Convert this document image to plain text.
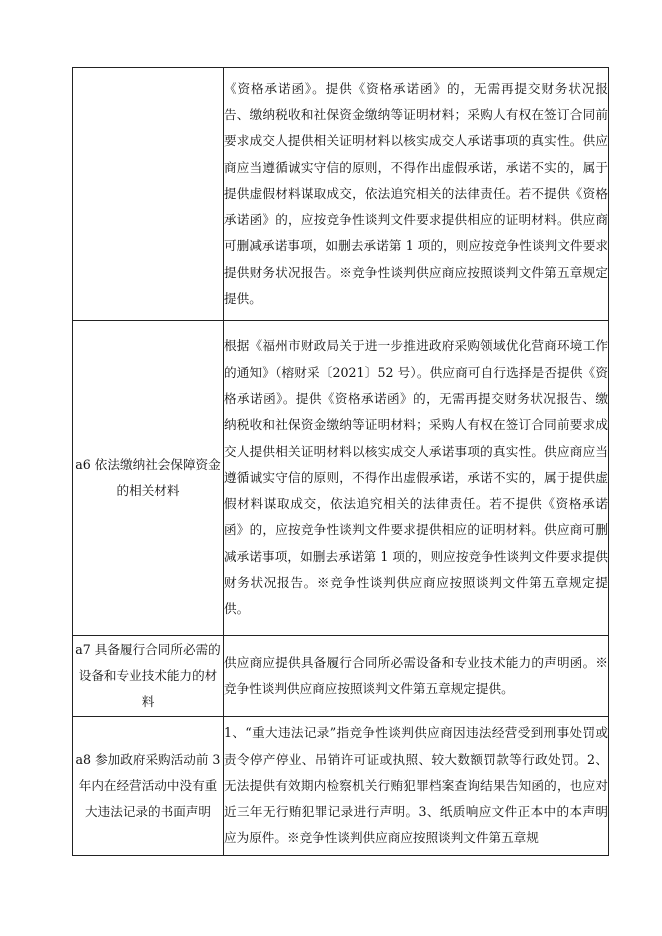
	《资格承诺函》。提供《资格承诺函》的，无需再提交财务状况报告、缴纳税收和社保资金缴纳等证明材料；采购人有权在签订合同前要求成交人提供相关证明材料以核实成交人承诺事项的真实性。供应商应当遵循诚实守信的原则，不得作出虚假承诺，承诺不实的，属于提供虚假材料谋取成交，依法追究相关的法律责任。若不提供《资格承诺函》的，应按竞争性谈判文件要求提供相应的证明材料。供应商可删减承诺事项，如删去承诺第 1 项的，则应按竞争性谈判文件要求提供财务状况报告。※竞争性谈判供应商应按照谈判文件第五章规定提供。
a6 依法缴纳社会保障资金的相关材料	根据《福州市财政局关于进一步推进政府采购领域优化营商环境工作的通知》（榕财采〔2021〕52 号）。供应商可自行选择是否提供《资格承诺函》。提供《资格承诺函》的，无需再提交财务状况报告、缴纳税收和社保资金缴纳等证明材料；采购人有权在签订合同前要求成交人提供相关证明材料以核实成交人承诺事项的真实性。供应商应当遵循诚实守信的原则，不得作出虚假承诺，承诺不实的，属于提供虚假材料谋取成交，依法追究相关的法律责任。若不提供《资格承诺函》的，应按竞争性谈判文件要求提供相应的证明材料。供应商可删减承诺事项，如删去承诺第 1 项的，则应按竞争性谈判文件要求提供财务状况报告。※竞争性谈判供应商应按照谈判文件第五章规定提供。
a7 具备履行合同所必需的设备和专业技术能力的材料	供应商应提供具备履行合同所必需设备和专业技术能力的声明函。※竞争性谈判供应商应按照谈判文件第五章规定提供。
a8 参加政府采购活动前 3 年内在经营活动中没有重大违法记录的书面声明	1、“重大违法记录”指竞争性谈判供应商因违法经营受到刑事处罚或责令停产停业、吊销许可证或执照、较大数额罚款等行政处罚。2、无法提供有效期内检察机关行贿犯罪档案查询结果告知函的，也应对近三年无行贿犯罪记录进行声明。3、纸质响应文件正本中的本声明应为原件。※竞争性谈判供应商应按照谈判文件第五章规
